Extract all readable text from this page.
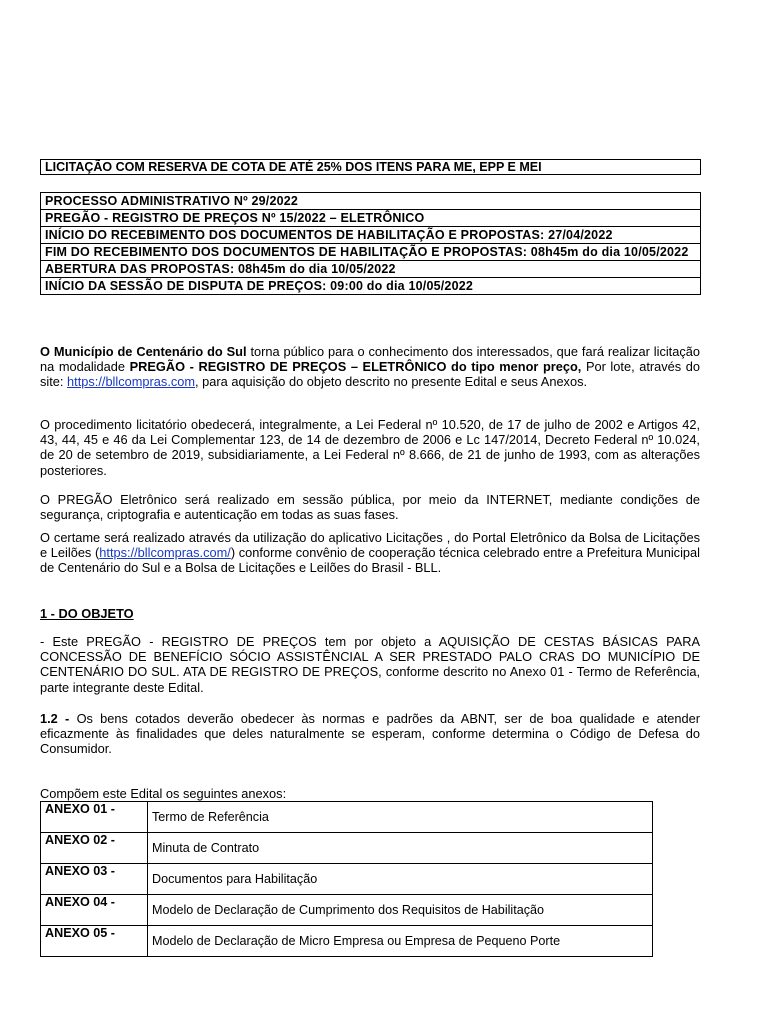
LICITAÇÃO COM RESERVA DE COTA DE ATÉ 25% DOS ITENS PARA ME, EPP E MEI
PROCESSO ADMINISTRATIVO Nº 29/2022
PREGÃO - REGISTRO DE PREÇOS Nº 15/2022 – ELETRÔNICO
INÍCIO DO RECEBIMENTO DOS DOCUMENTOS DE HABILITAÇÃO E PROPOSTAS: 27/04/2022
FIM DO RECEBIMENTO DOS DOCUMENTOS DE HABILITAÇÃO E PROPOSTAS: 08h45m do dia 10/05/2022
ABERTURA DAS PROPOSTAS: 08h45m do dia 10/05/2022
INÍCIO DA SESSÃO DE DISPUTA DE PREÇOS: 09:00 do dia 10/05/2022
O Município de Centenário do Sul torna público para o conhecimento dos interessados, que fará realizar licitação na modalidade PREGÃO - REGISTRO DE PREÇOS – ELETRÔNICO do tipo menor preço, Por lote, através do site: https://bllcompras.com, para aquisição do objeto descrito no presente Edital e seus Anexos.
O procedimento licitatório obedecerá, integralmente, a Lei Federal nº 10.520, de 17 de julho de 2002 e Artigos 42, 43, 44, 45 e 46 da Lei Complementar 123, de 14 de dezembro de 2006 e Lc 147/2014, Decreto Federal nº 10.024, de 20 de setembro de 2019, subsidiariamente, a Lei Federal nº 8.666, de 21 de junho de 1993, com as alterações posteriores.
O PREGÃO Eletrônico será realizado em sessão pública, por meio da INTERNET, mediante condições de segurança, criptografia e autenticação em todas as suas fases.
O certame será realizado através da utilização do aplicativo Licitações , do Portal Eletrônico da Bolsa de Licitações e Leilões (https://bllcompras.com/) conforme convênio de cooperação técnica celebrado entre a Prefeitura Municipal de Centenário do Sul e a Bolsa de Licitações e Leilões do Brasil - BLL.
1 - DO OBJETO
- Este PREGÃO - REGISTRO DE PREÇOS tem por objeto a AQUISIÇÃO DE CESTAS BÁSICAS PARA CONCESSÃO DE BENEFÍCIO SÓCIO ASSISTÊNCIAL A SER PRESTADO PALO CRAS DO MUNICÍPIO DE CENTENÁRIO DO SUL. ATA DE REGISTRO DE PREÇOS, conforme descrito no Anexo 01 - Termo de Referência, parte integrante deste Edital.
1.2 - Os bens cotados deverão obedecer às normas e padrões da ABNT, ser de boa qualidade e atender eficazmente às finalidades que deles naturalmente se esperam, conforme determina o Código de Defesa do Consumidor.
Compõem este Edital os seguintes anexos:
ANEXO 01 -	Termo de Referência
ANEXO 02 -	Minuta de Contrato
ANEXO 03 -	Documentos para Habilitação
ANEXO 04 -	Modelo de Declaração de Cumprimento dos Requisitos de Habilitação
ANEXO 05 -	Modelo de Declaração de Micro Empresa ou Empresa de Pequeno Porte
